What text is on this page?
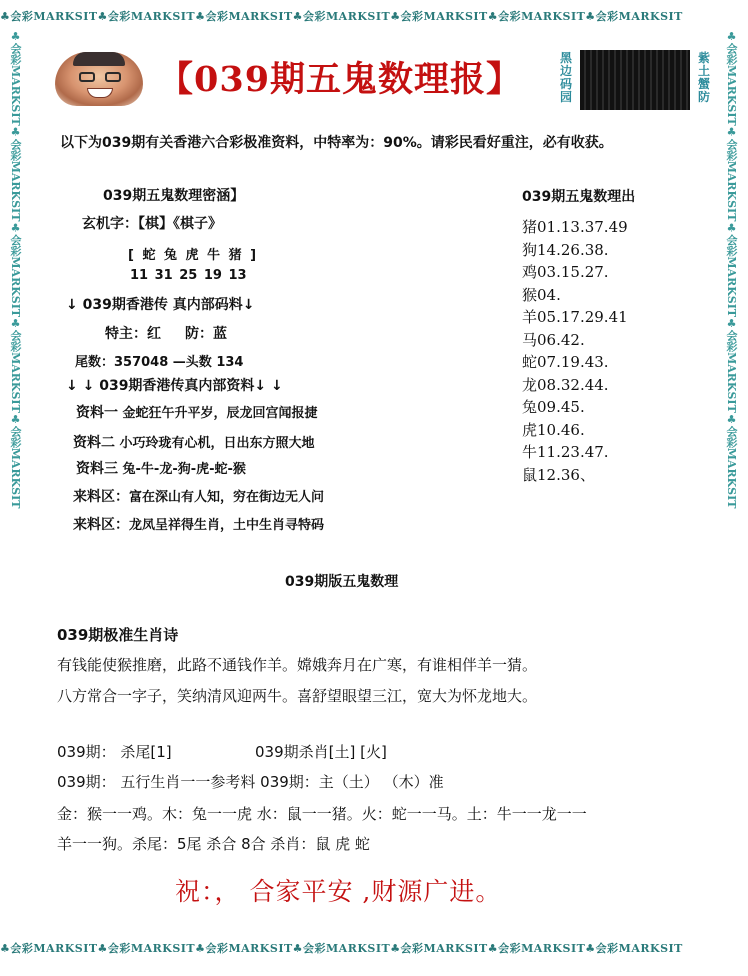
♣会彩MARKSIT♣会彩MARKSIT♣会彩MARKSIT♣会彩MARKSIT♣会彩MARKSIT♣会彩MARKSIT♣会彩MARKSIT
♣会彩MARKSIT♣会彩MARKSIT♣会彩MARKSIT♣会彩MARKSIT♣会彩MARKSIT♣会彩MARKSIT♣会彩MARKSIT
♣会彩MARKSIT♣会彩MARKSIT♣会彩MARKSIT♣会彩MARKSIT♣会彩MARKSIT	♣会彩MARKSIT♣会彩MARKSIT♣会彩MARKSIT♣会彩MARKSIT♣会彩MARKSIT
【039期五鬼数理报】
黑
边
码
园
紫
土
蟹
防
以下为039期有关香港六合彩极准资料，中特率为：90%。请彩民看好重注，必有收获。
039期五鬼数理密涵】
玄机字：【棋】《棋子》
[ 蛇 兔 虎 牛 猪 ]
11 31 25 19 13
↓ 039期香港传 真内部码料↓
特主：红 防：蓝
尾数：357048 —头数 134
↓ ↓ 039期香港传真内部资料↓ ↓
资料一 金蛇狂午升平岁，辰龙回宫闻报捷
资料二 小巧玲珑有心机，日出东方照大地
资料三 兔-牛-龙-狗-虎-蛇-猴
来料区：富在深山有人知，穷在街边无人问
来料区：龙凤呈祥得生肖，土中生肖寻特码
039期五鬼数理出
猪01.13.37.49
狗14.26.38.
鸡03.15.27.
猴04.
羊05.17.29.41
马06.42.
蛇07.19.43.
龙08.32.44.
兔09.45.
虎10.46.
牛11.23.47.
鼠12.36、
039期版五鬼数理
039期极准生肖诗
有钱能使猴推磨，此路不通钱作羊。嫦娥奔月在广寒，有谁相伴羊一猜。
八方常合一字子，笑纳清风迎两牛。喜舒望眼望三江，宽大为怀龙地大。
039期： 杀尾[1]	039期杀肖[土] [火]
039期： 五行生肖一一参考料 039期：主（土） （木）准
金：猴一一鸡。木：兔一一虎 水：鼠一一猪。火：蛇一一马。土：牛一一龙一一
羊一一狗。杀尾：5尾 杀合 8合 杀肖：鼠 虎 蛇
祝：， 合家平安 ,财源广进。
